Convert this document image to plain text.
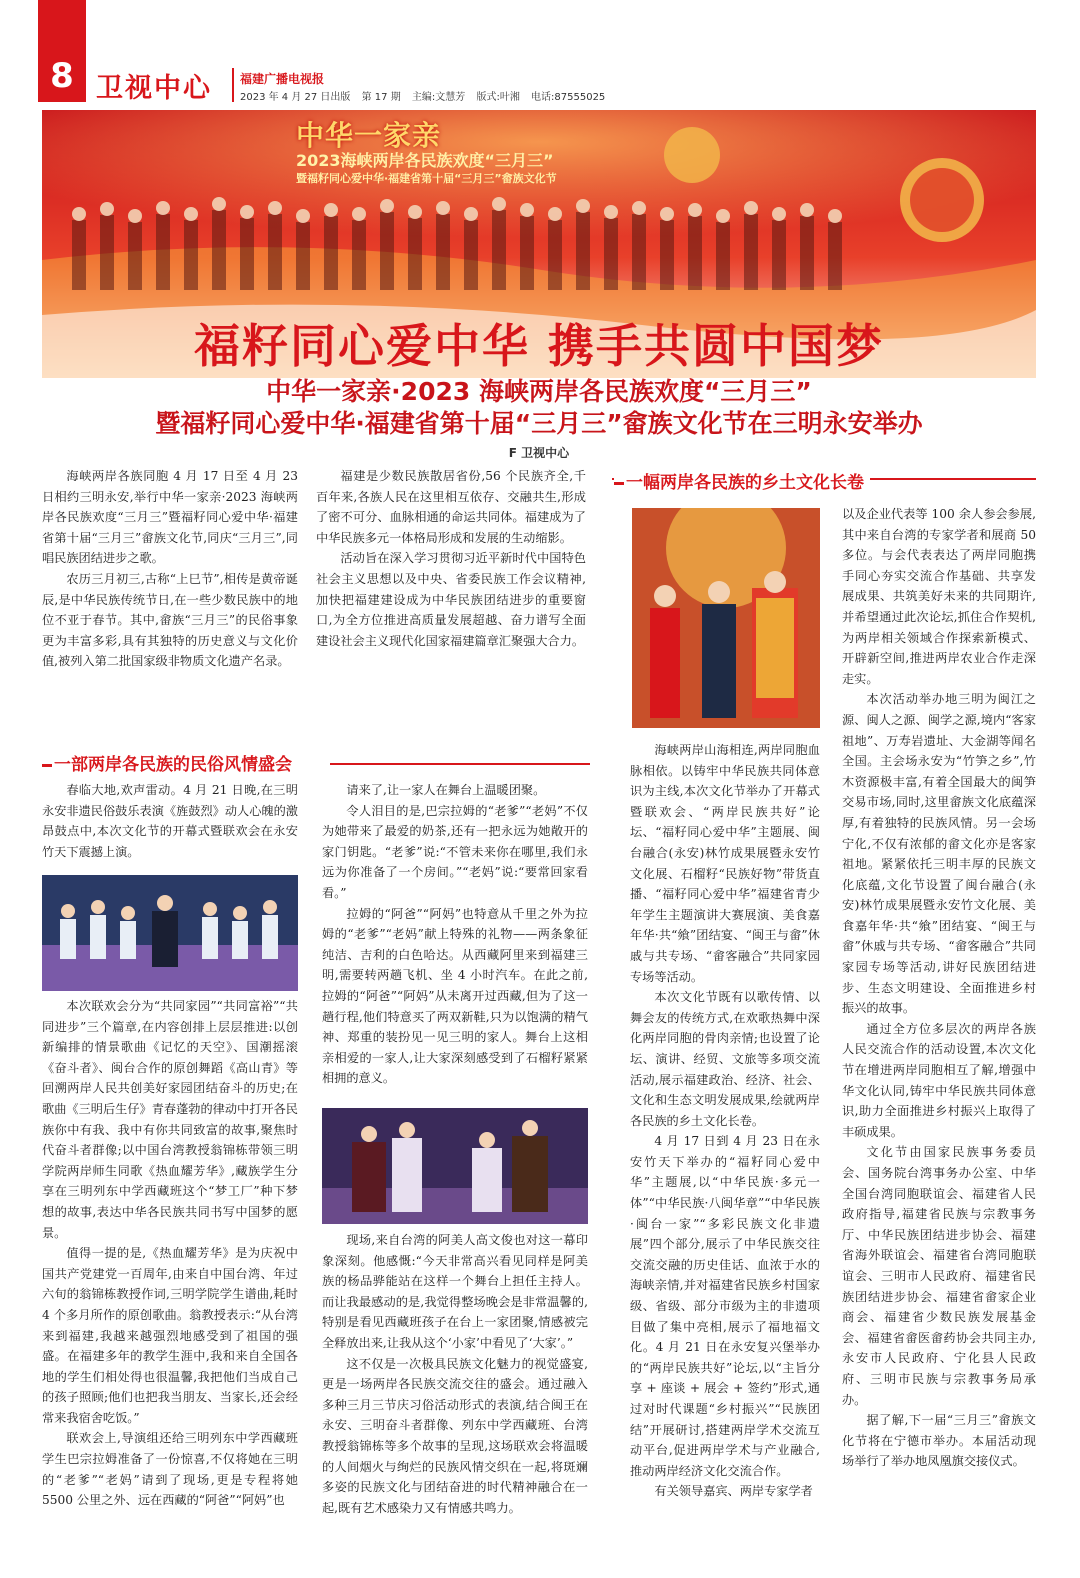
8 卫视中心 福建广播电视报
2023 年 4 月 27 日出版 第 17 期 主编:文慧芳 版式:叶湘 电话:87555025
中华一家亲
2023海峡两岸各民族欢度“三月三”
暨福籽同心爱中华·福建省第十届“三月三”畲族文化节
福籽同心爱中华 携手共圆中国梦
中华一家亲·2023 海峡两岸各民族欢度“三月三”
暨福籽同心爱中华·福建省第十届“三月三”畲族文化节在三明永安举办
F 卫视中心

海峡两岸各族同胞 4 月 17 日至 4 月 23 日相约三明永安,举行中华一家亲·2023 海峡两岸各民族欢度“三月三”暨福籽同心爱中华·福建省第十届“三月三”畲族文化节,同庆“三月三”,同唱民族团结进步之歌。

农历三月初三,古称“上巳节”,相传是黄帝诞辰,是中华民族传统节日,在一些少数民族中的地位不亚于春节。其中,畲族“三月三”的民俗事象更为丰富多彩,具有其独特的历史意义与文化价值,被列入第二批国家级非物质文化遗产名录。

福建是少数民族散居省份,56 个民族齐全,千百年来,各族人民在这里相互依存、交融共生,形成了密不可分、血脉相通的命运共同体。福建成为了中华民族多元一体格局形成和发展的生动缩影。

活动旨在深入学习贯彻习近平新时代中国特色社会主义思想以及中央、省委民族工作会议精神,加快把福建建设成为中华民族团结进步的重要窗口,为全方位推进高质量发展超越、奋力谱写全面建设社会主义现代化国家福建篇章汇聚强大合力。

一部两岸各民族的民俗风情盛会

春临大地,欢声雷动。4 月 21 日晚,在三明永安非遗民俗鼓乐表演《旌鼓烈》动人心魄的激昂鼓点中,本次文化节的开幕式暨联欢会在永安竹天下震撼上演。

本次联欢会分为“共同家园”“共同富裕”“共同进步”三个篇章,在内容创排上层层推进:以创新编排的情景歌曲《记忆的天空》、国潮摇滚《奋斗者》、闽台合作的原创舞蹈《高山青》等回溯两岸人民共创美好家园团结奋斗的历史;在歌曲《三明后生仔》青春蓬勃的律动中打开各民族你中有我、我中有你共同致富的故事,聚焦时代奋斗者群像;以中国台湾教授翁锦栋带领三明学院两岸师生同歌《热血耀芳华》,藏族学生分享在三明列东中学西藏班这个“梦工厂”种下梦想的故事,表达中华各民族共同书写中国梦的愿景。

值得一提的是,《热血耀芳华》是为庆祝中国共产党建党一百周年,由来自中国台湾、年过六旬的翁锦栋教授作词,三明学院学生谱曲,耗时 4 个多月所作的原创歌曲。翁教授表示:“从台湾来到福建,我越来越强烈地感受到了祖国的强盛。在福建多年的教学生涯中,我和来自全国各地的学生们相处得也很温馨,我把他们当成自己的孩子照顾;他们也把我当朋友、当家长,还会经常来我宿舍吃饭。”

联欢会上,导演组还给三明列东中学西藏班学生巴宗拉姆准备了一份惊喜,不仅将她在三明的“老爹”“老妈”请到了现场,更是专程将她 5500 公里之外、远在西藏的“阿爸”“阿妈”也

请来了,让一家人在舞台上温暖团聚。

令人泪目的是,巴宗拉姆的“老爹”“老妈”不仅为她带来了最爱的奶茶,还有一把永远为她敞开的家门钥匙。“老爹”说:“不管未来你在哪里,我们永远为你准备了一个房间。”“老妈”说:“要常回家看看。”

拉姆的“阿爸”“阿妈”也特意从千里之外为拉姆的“老爹”“老妈”献上特殊的礼物——两条象征纯洁、吉利的白色哈达。从西藏阿里来到福建三明,需要转两趟飞机、坐 4 小时汽车。在此之前,拉姆的“阿爸”“阿妈”从未离开过西藏,但为了这一趟行程,他们特意买了两双新鞋,只为以饱满的精气神、郑重的装扮见一见三明的家人。舞台上这相亲相爱的一家人,让大家深刻感受到了石榴籽紧紧相拥的意义。

现场,来自台湾的阿美人高文俊也对这一幕印象深刻。他感慨:“今天非常高兴看见同样是阿美族的杨品骅能站在这样一个舞台上担任主持人。而让我最感动的是,我觉得整场晚会是非常温馨的,特别是看见西藏班孩子在台上一家团聚,情感被完全释放出来,让我从这个‘小家’中看见了‘大家’。”

这不仅是一次极具民族文化魅力的视觉盛宴,更是一场两岸各民族交流交往的盛会。通过融入多种三月三节庆习俗活动形式的表演,结合闽王在永安、三明奋斗者群像、列东中学西藏班、台湾教授翁锦栋等多个故事的呈现,这场联欢会将温暖的人间烟火与绚烂的民族风情交织在一起,将斑斓多姿的民族文化与团结奋进的时代精神融合在一起,既有艺术感染力又有情感共鸣力。

一幅两岸各民族的乡土文化长卷

海峡两岸山海相连,两岸同胞血脉相依。以铸牢中华民族共同体意识为主线,本次文化节举办了开幕式暨联欢会、“两岸民族共好”论坛、“福籽同心爱中华”主题展、闽台融合(永安)林竹成果展暨永安竹文化展、石榴籽“民族好物”带货直播、“福籽同心爱中华”福建省青少年学生主题演讲大赛展演、美食嘉年华·共“飨”团结宴、“闽王与畲”休戚与共专场、“畲客融合”共同家园专场等活动。

本次文化节既有以歌传情、以舞会友的传统方式,在欢歌热舞中深化两岸同胞的骨肉亲情;也设置了论坛、演讲、经贸、文旅等多项交流活动,展示福建政治、经济、社会、文化和生态文明发展成果,绘就两岸各民族的乡土文化长卷。

4 月 17 日到 4 月 23 日在永安竹天下举办的“福籽同心爱中华”主题展,以“中华民族·多元一体”“中华民族·八闽华章”“中华民族·闽台一家”“多彩民族文化非遗展”四个部分,展示了中华民族交往交流交融的历史佳话、血浓于水的海峡亲情,并对福建省民族乡村国家级、省级、部分市级为主的非遗项目做了集中亮相,展示了福地福文化。4 月 21 日在永安复兴堡举办的“两岸民族共好”论坛,以“主旨分享 + 座谈 + 展会 + 签约”形式,通过对时代课题“乡村振兴”“民族团结”开展研讨,搭建两岸学术交流互动平台,促进两岸学术与产业融合,推动两岸经济文化交流合作。

有关领导嘉宾、两岸专家学者

以及企业代表等 100 余人参会参展,其中来自台湾的专家学者和展商 50 多位。与会代表表达了两岸同胞携手同心夯实交流合作基础、共享发展成果、共筑美好未来的共同期许,并希望通过此次论坛,抓住合作契机,为两岸相关领域合作探索新模式、开辟新空间,推进两岸农业合作走深走实。

本次活动举办地三明为闽江之源、闽人之源、闽学之源,境内“客家祖地”、万寿岩遗址、大金湖等闻名全国。主会场永安为“竹笋之乡”,竹木资源极丰富,有着全国最大的闽笋交易市场,同时,这里畲族文化底蕴深厚,有着独特的民族风情。另一会场宁化,不仅有浓郁的畲文化亦是客家祖地。紧紧依托三明丰厚的民族文化底蕴,文化节设置了闽台融合(永安)林竹成果展暨永安竹文化展、美食嘉年华·共“飨”团结宴、“闽王与畲”休戚与共专场、“畲客融合”共同家园专场等活动,讲好民族团结进步、生态文明建设、全面推进乡村振兴的故事。

通过全方位多层次的两岸各族人民交流合作的活动设置,本次文化节在增进两岸同胞相互了解,增强中华文化认同,铸牢中华民族共同体意识,助力全面推进乡村振兴上取得了丰硕成果。

文化节由国家民族事务委员会、国务院台湾事务办公室、中华全国台湾同胞联谊会、福建省人民政府指导,福建省民族与宗教事务厅、中华民族团结进步协会、福建省海外联谊会、福建省台湾同胞联谊会、三明市人民政府、福建省民族团结进步协会、福建省畲家企业商会、福建省少数民族发展基金会、福建省畲医畲药协会共同主办,永安市人民政府、宁化县人民政府、三明市民族与宗教事务局承办。

据了解,下一届“三月三”畲族文化节将在宁德市举办。本届活动现场举行了举办地凤凰旗交接仪式。
